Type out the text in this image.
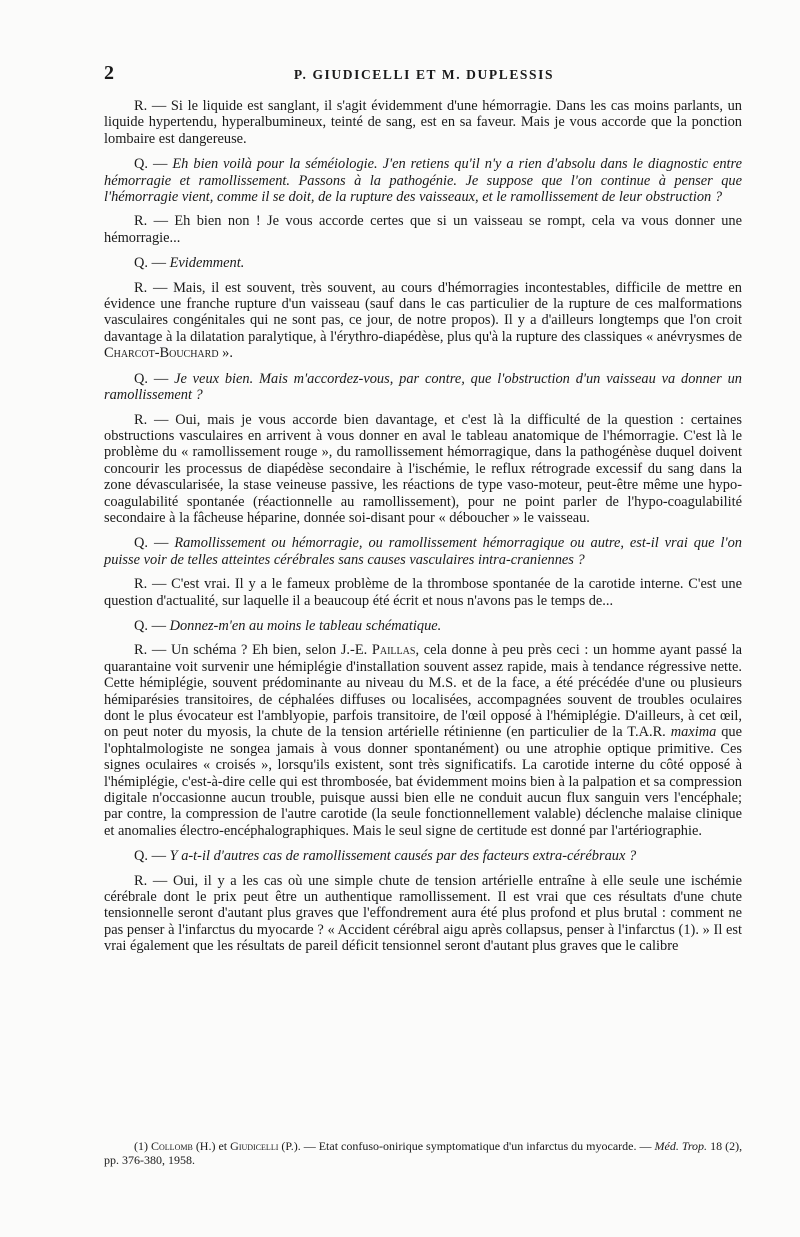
2	P. GIUDICELLI ET M. DUPLESSIS

R. — Si le liquide est sanglant, il s'agit évidemment d'une hémorragie. Dans les cas moins parlants, un liquide hypertendu, hyperalbumineux, teinté de sang, est en sa faveur. Mais je vous accorde que la ponction lombaire est dangereuse.

Q. — Eh bien voilà pour la séméiologie. J'en retiens qu'il n'y a rien d'absolu dans le diagnostic entre hémorragie et ramollissement. Passons à la pathogénie. Je suppose que l'on continue à penser que l'hémorragie vient, comme il se doit, de la rupture des vaisseaux, et le ramollissement de leur obstruction ?

R. — Eh bien non ! Je vous accorde certes que si un vaisseau se rompt, cela va vous donner une hémorragie...

Q. — Evidemment.

R. — Mais, il est souvent, très souvent, au cours d'hémorragies incontestables, difficile de mettre en évidence une franche rupture d'un vaisseau (sauf dans le cas particulier de la rupture de ces malformations vasculaires congénitales qui ne sont pas, ce jour, de notre propos). Il y a d'ailleurs longtemps que l'on croit davantage à la dilatation paralytique, à l'érythro-diapédèse, plus qu'à la rupture des classiques « anévrysmes de Charcot-Bouchard ».

Q. — Je veux bien. Mais m'accordez-vous, par contre, que l'obstruction d'un vaisseau va donner un ramollissement ?

R. — Oui, mais je vous accorde bien davantage, et c'est là la difficulté de la question : certaines obstructions vasculaires en arrivent à vous donner en aval le tableau anatomique de l'hémorragie. C'est là le problème du « ramollissement rouge », du ramollissement hémorragique, dans la pathogénèse duquel doivent concourir les processus de diapédèse secondaire à l'ischémie, le reflux rétrograde excessif du sang dans la zone dévascularisée, la stase veineuse passive, les réactions de type vaso-moteur, peut-être même une hypo-coagulabilité spontanée (réactionnelle au ramollissement), pour ne point parler de l'hypo-coagulabilité secondaire à la fâcheuse héparine, donnée soi-disant pour « déboucher » le vaisseau.

Q. — Ramollissement ou hémorragie, ou ramollissement hémorragique ou autre, est-il vrai que l'on puisse voir de telles atteintes cérébrales sans causes vasculaires intra-craniennes ?

R. — C'est vrai. Il y a le fameux problème de la thrombose spontanée de la carotide interne. C'est une question d'actualité, sur laquelle il a beaucoup été écrit et nous n'avons pas le temps de...

Q. — Donnez-m'en au moins le tableau schématique.

R. — Un schéma ? Eh bien, selon J.-E. Paillas, cela donne à peu près ceci : un homme ayant passé la quarantaine voit survenir une hémiplégie d'installation souvent assez rapide, mais à tendance régressive nette. Cette hémiplégie, souvent prédominante au niveau du M.S. et de la face, a été précédée d'une ou plusieurs hémiparésies transitoires, de céphalées diffuses ou localisées, accompagnées souvent de troubles oculaires dont le plus évocateur est l'amblyopie, parfois transitoire, de l'œil opposé à l'hémiplégie. D'ailleurs, à cet œil, on peut noter du myosis, la chute de la tension artérielle rétinienne (en particulier de la T.A.R. maxima que l'ophtalmologiste ne songea jamais à vous donner spontanément) ou une atrophie optique primitive. Ces signes oculaires « croisés », lorsqu'ils existent, sont très significatifs. La carotide interne du côté opposé à l'hémiplégie, c'est-à-dire celle qui est thrombosée, bat évidemment moins bien à la palpation et sa compression digitale n'occasionne aucun trouble, puisque aussi bien elle ne conduit aucun flux sanguin vers l'encéphale; par contre, la compression de l'autre carotide (la seule fonctionnellement valable) déclenche malaise clinique et anomalies électro-encéphalographiques. Mais le seul signe de certitude est donné par l'artériographie.

Q. — Y a-t-il d'autres cas de ramollissement causés par des facteurs extra-cérébraux ?

R. — Oui, il y a les cas où une simple chute de tension artérielle entraîne à elle seule une ischémie cérébrale dont le prix peut être un authentique ramollissement. Il est vrai que ces résultats d'une chute tensionnelle seront d'autant plus graves que l'effondrement aura été plus profond et plus brutal : comment ne pas penser à l'infarctus du myocarde ? « Accident cérébral aigu après collapsus, penser à l'infarctus (1). » Il est vrai également que les résultats de pareil déficit tensionnel seront d'autant plus graves que le calibre

(1) Collomb (H.) et Giudicelli (P.). — Etat confuso-onirique symptomatique d'un infarctus du myocarde. — Méd. Trop. 18 (2), pp. 376-380, 1958.
